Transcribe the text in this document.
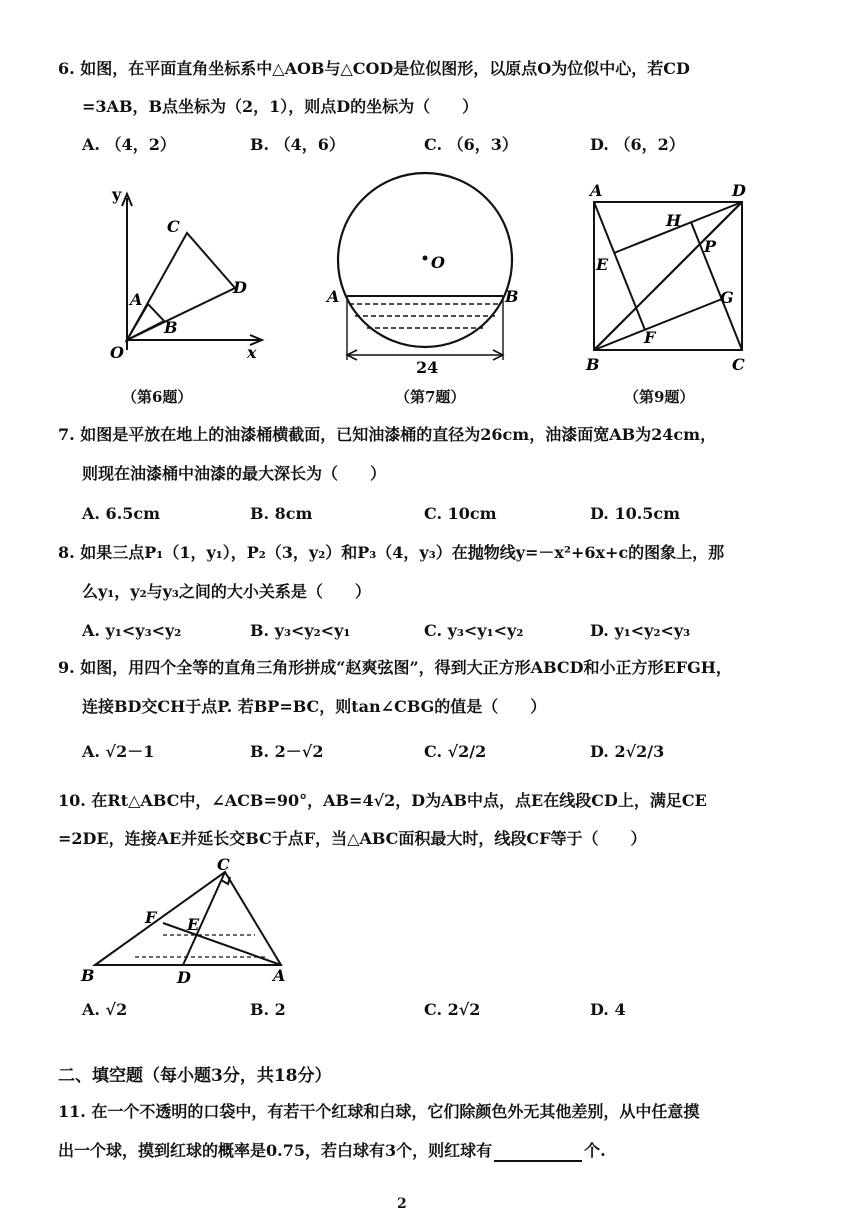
6. 如图，在平面直角坐标系中△AOB与△COD是位似图形，以原点O为位似中心，若CD
=3AB，B点坐标为（2，1），则点D的坐标为（　　）
A. （4，2）	B. （4，6）	C. （6，3）	D. （6，2）
y
C
A
D
B
O	x
（第6题）
O
A	B
24
（第7题）
A	D
H
E
P
G
F
B	C
（第9题）
7. 如图是平放在地上的油漆桶横截面，已知油漆桶的直径为26cm，油漆面宽AB为24cm，
则现在油漆桶中油漆的最大深长为（　　）
A. 6.5cm	B. 8cm	C. 10cm	D. 10.5cm
8. 如果三点P₁（1，y₁），P₂（3，y₂）和P₃（4，y₃）在抛物线y=－x²+6x+c的图象上，那
么y₁，y₂与y₃之间的大小关系是（　　）
A. y₁<y₃<y₂	B. y₃<y₂<y₁	C. y₃<y₁<y₂	D. y₁<y₂<y₃
9. 如图，用四个全等的直角三角形拼成“赵爽弦图”，得到大正方形ABCD和小正方形EFGH，
连接BD交CH于点P. 若BP=BC，则tan∠CBG的值是（　　）
A. √2－1	B. 2－√2	C. √2/2	D. 2√2/3
10. 在Rt△ABC中，∠ACB=90°，AB=4√2，D为AB中点，点E在线段CD上，满足CE
=2DE，连接AE并延长交BC于点F，当△ABC面积最大时，线段CF等于（　　）
C
F E
B	D	A
A. √2	B. 2	C. 2√2	D. 4
二、填空题（每小题3分，共18分）
11. 在一个不透明的口袋中，有若干个红球和白球，它们除颜色外无其他差别，从中任意摸
出一个球，摸到红球的概率是0.75，若白球有3个，则红球有	个.
2
